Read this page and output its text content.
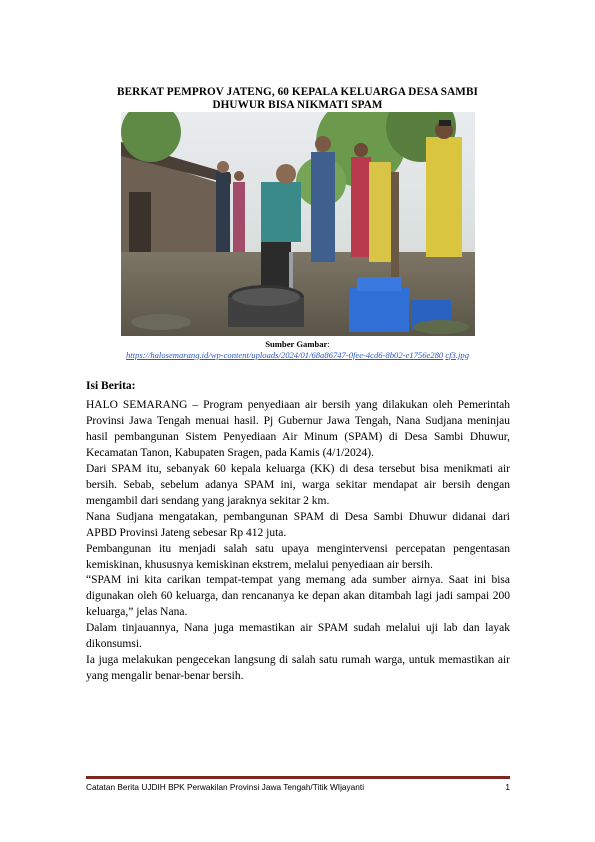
BERKAT PEMPROV JATENG, 60 KEPALA KELUARGA DESA SAMBI
DHUWUR BISA NIKMATI SPAM
Sumber Gambar:
https://halosemarang.id/wp-content/uploads/2024/01/68a86747-0fee-4cd6-8b02-e1756e280 cf3.jpg
Isi Berita:

HALO SEMARANG – Program penyediaan air bersih yang dilakukan oleh Pemerintah Provinsi Jawa Tengah menuai hasil. Pj Gubernur Jawa Tengah, Nana Sudjana meninjau hasil pembangunan Sistem Penyediaan Air Minum (SPAM) di Desa Sambi Dhuwur, Kecamatan Tanon, Kabupaten Sragen, pada Kamis (4/1/2024).

Dari SPAM itu, sebanyak 60 kepala keluarga (KK) di desa tersebut bisa menikmati air bersih. Sebab, sebelum adanya SPAM ini, warga sekitar mendapat air bersih dengan mengambil dari sendang yang jaraknya sekitar 2 km.

Nana Sudjana mengatakan, pembangunan SPAM di Desa Sambi Dhuwur didanai dari APBD Provinsi Jateng sebesar Rp 412 juta.

Pembangunan itu menjadi salah satu upaya mengintervensi percepatan pengentasan kemiskinan, khususnya kemiskinan ekstrem, melalui penyediaan air bersih.

“SPAM ini kita carikan tempat-tempat yang memang ada sumber airnya. Saat ini bisa digunakan oleh 60 keluarga, dan rencananya ke depan akan ditambah lagi jadi sampai 200 keluarga,” jelas Nana.

Dalam tinjauannya, Nana juga memastikan air SPAM sudah melalui uji lab dan layak dikonsumsi.

Ia juga melakukan pengecekan langsung di salah satu rumah warga, untuk memastikan air yang mengalir benar-benar bersih.

Catatan Berita UJDIH BPK Perwakilan Provinsi Jawa Tengah/Titik WIjayanti	1
